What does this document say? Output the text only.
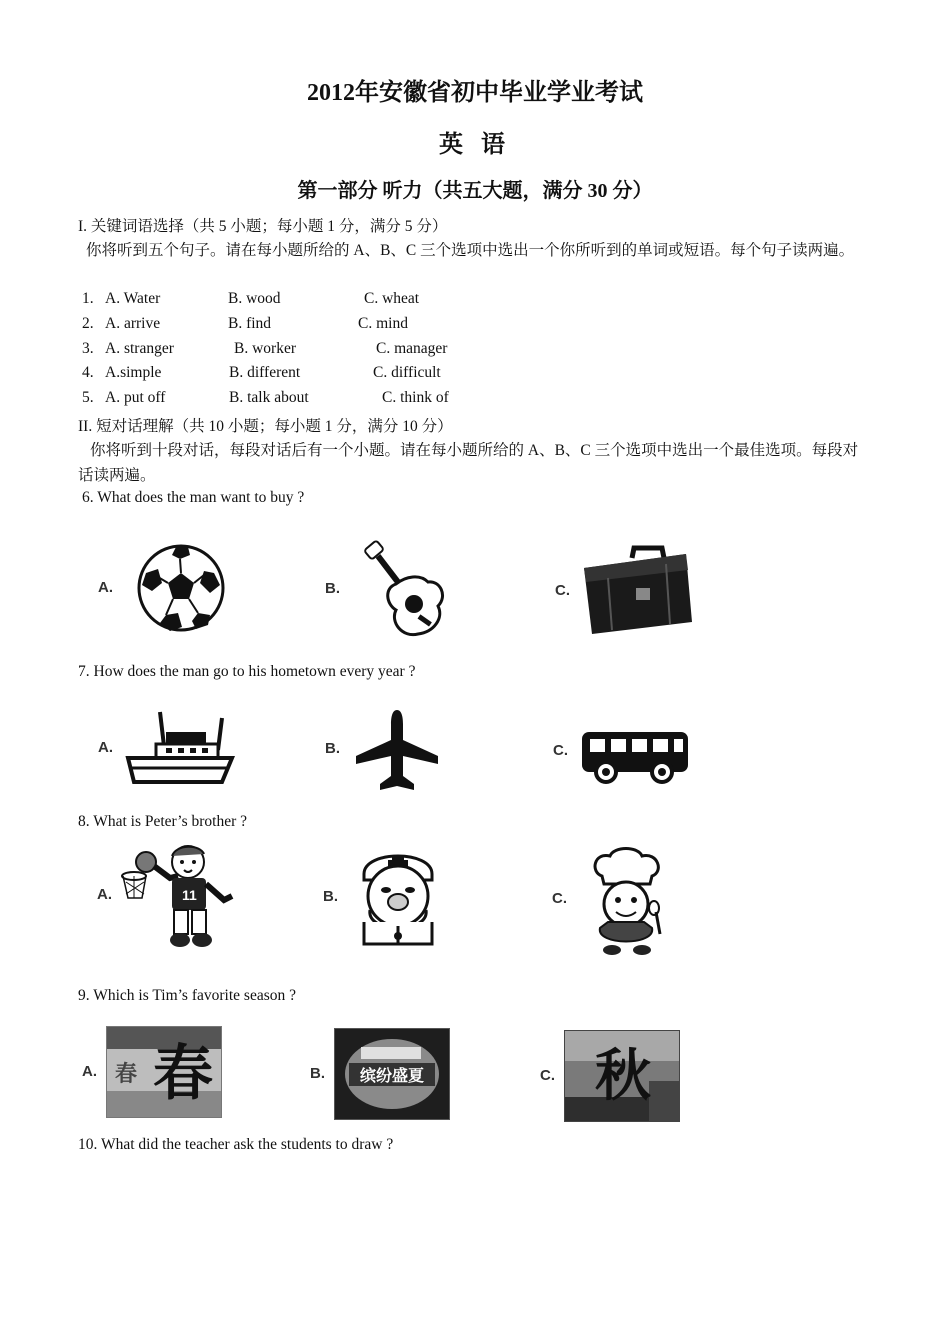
2012年安徽省初中毕业学业考试
英 语
第一部分 听力（共五大题，满分 30 分）
I. 关键词语选择（共 5 小题；每小题 1 分，满分 5 分）
你将听到五个句子。请在每小题所给的 A、B、C 三个选项中选出一个你所听到的单词或短语。每个句子读两遍。
1. A. Water	B. wood	C. wheat
2. A. arrive	B. find	C. mind
3. A. stranger	B. worker	C. manager
4. A.simple	B. different	C. difficult
5. A. put off	B. talk about	C. think of
II. 短对话理解（共 10 小题；每小题 1 分，满分 10 分）
你将听到十段对话，每段对话后有一个小题。请在每小题所给的 A、B、C 三个选项中选出一个最佳选项。每段对话读两遍。
6. What does the man want to buy ?
A.	B.	C.
7. How does the man go to his hometown every year ?
A.	B.	C.
8. What is Peter’s brother ?
A.	11	B.	C.
9. Which is Tim’s favorite season ?
A. 春 春	B.	缤纷盛夏	C. 秋
10. What did the teacher ask the students to draw ?
